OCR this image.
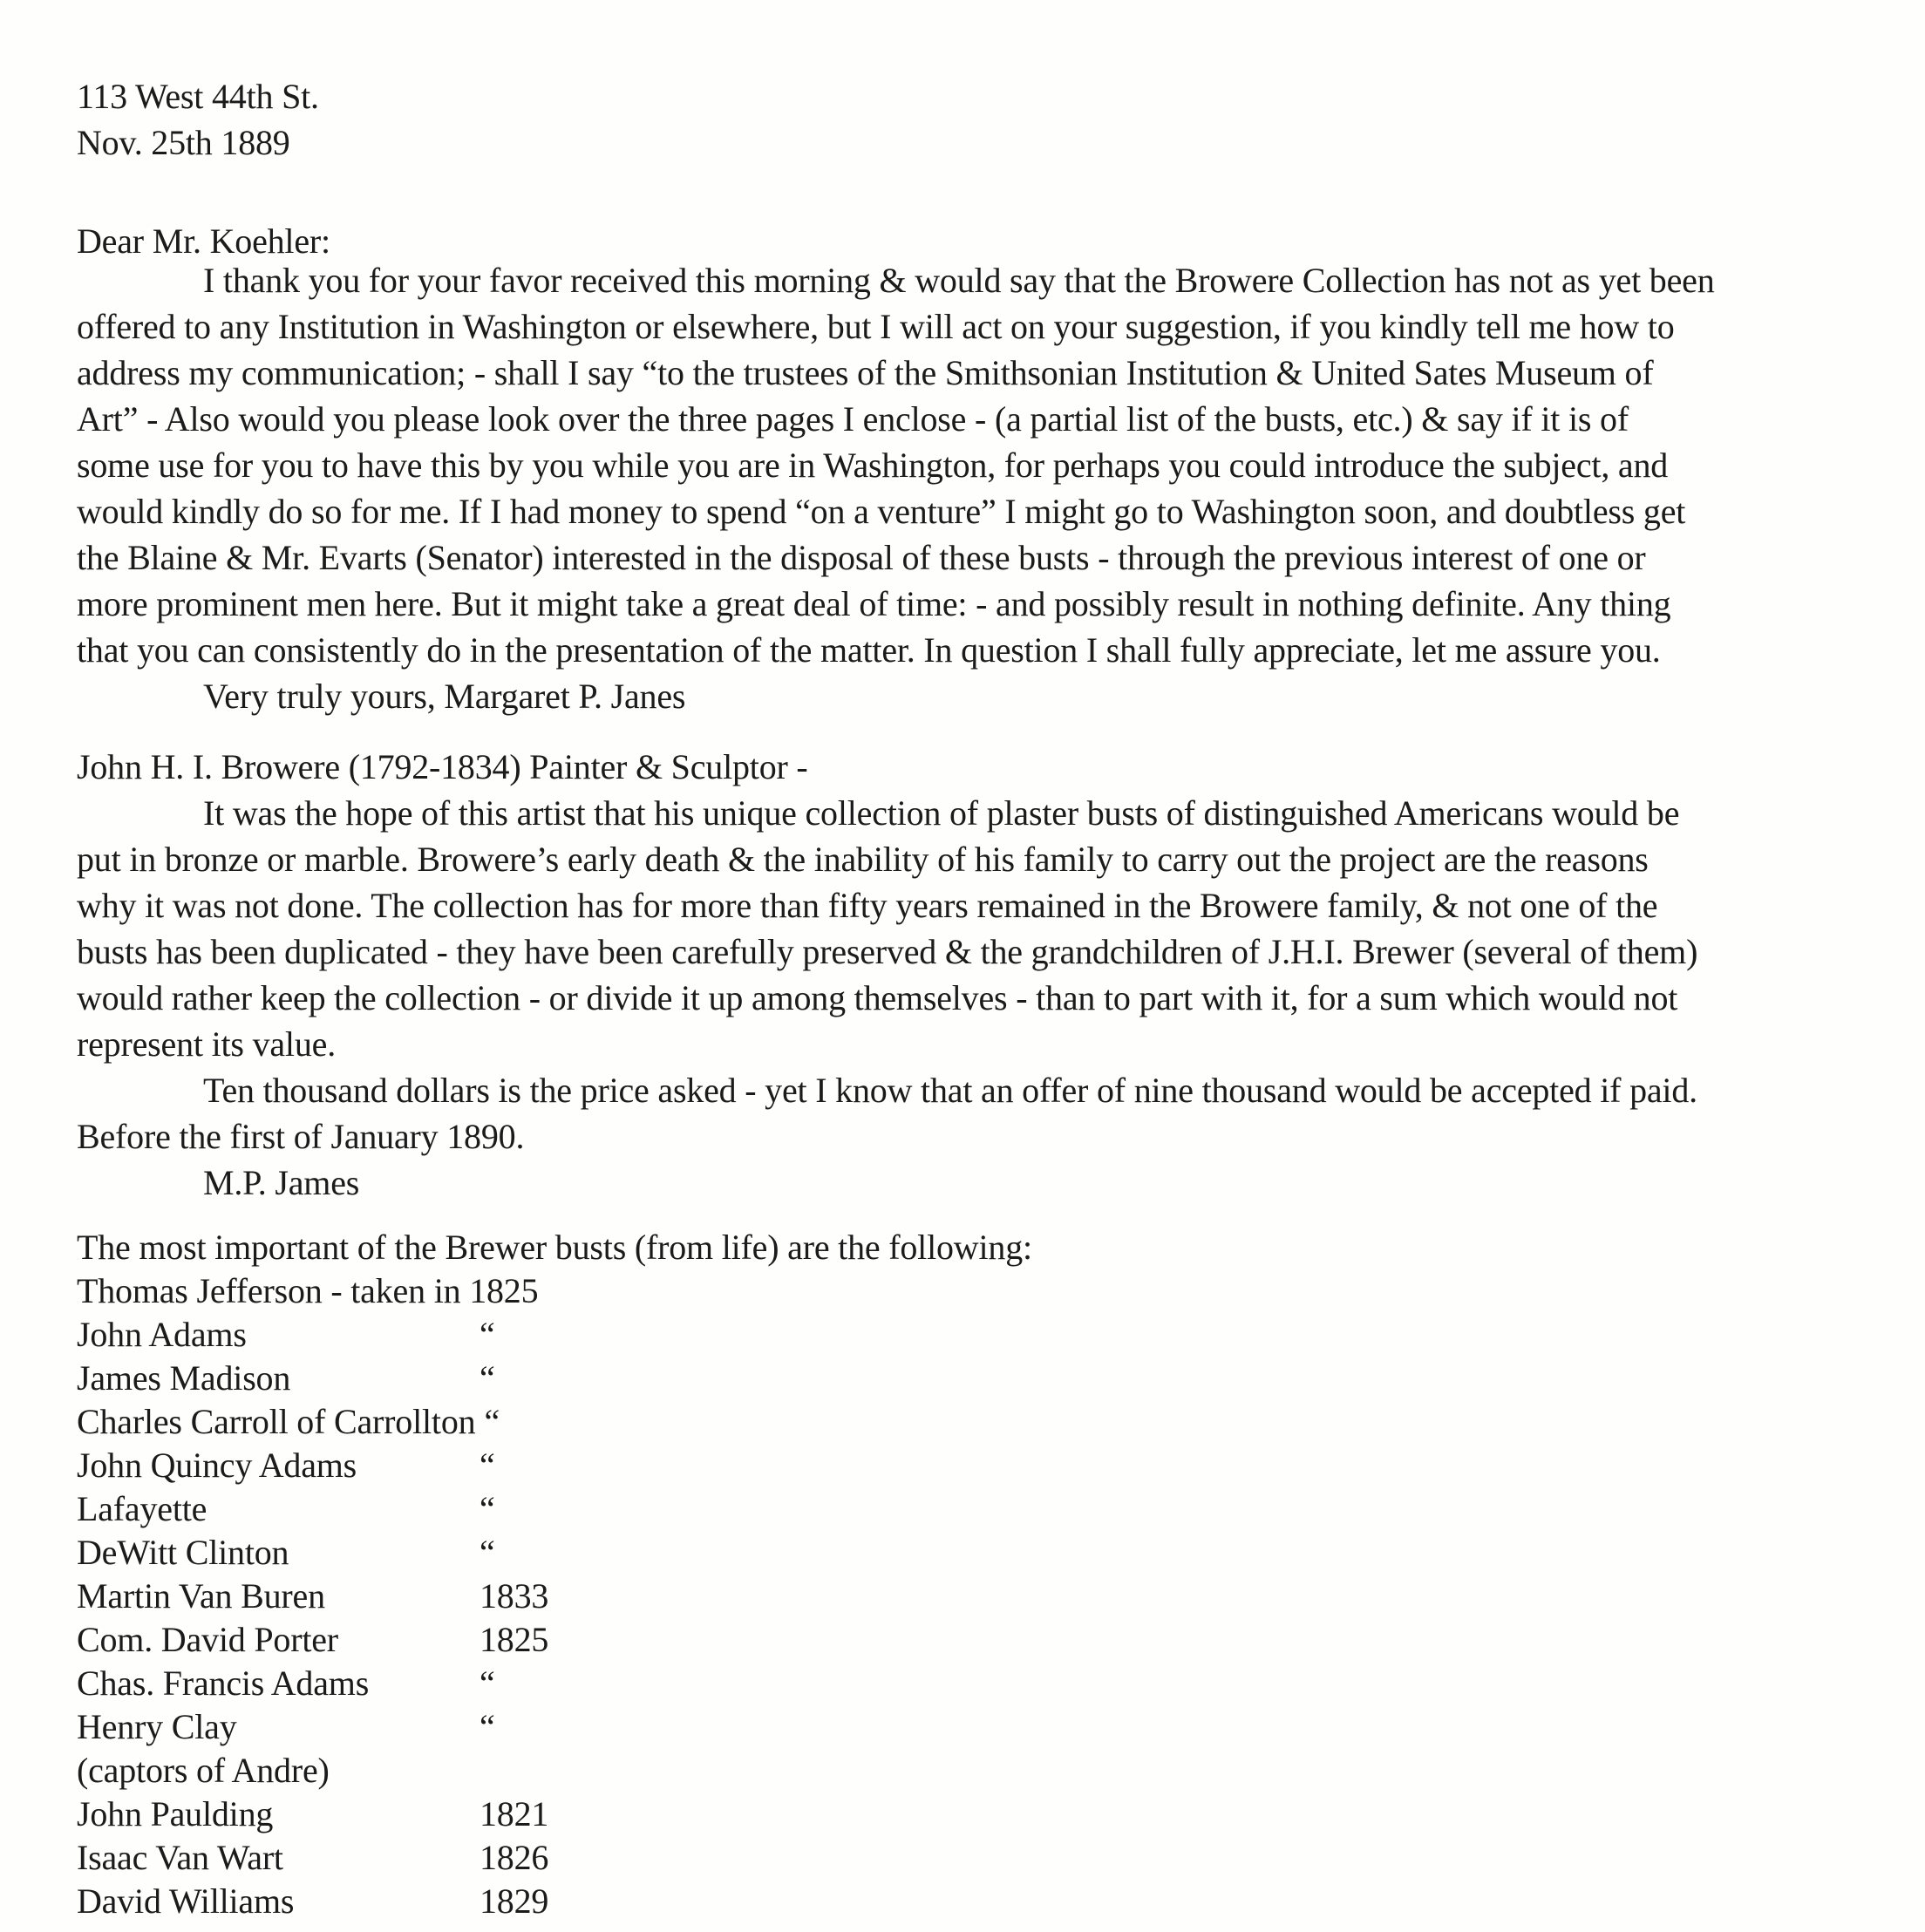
113 West 44th St.
Nov. 25th 1889
Dear Mr. Koehler:
I thank you for your favor received this morning & would say that the Browere Collection has not as yet been
offered to any Institution in Washington or elsewhere, but I will act on your suggestion, if you kindly tell me how to
address my communication; - shall I say “to the trustees of the Smithsonian Institution & United Sates Museum of
Art” - Also would you please look over the three pages I enclose - (a partial list of the busts, etc.) & say if it is of
some use for you to have this by you while you are in Washington, for perhaps you could introduce the subject, and
would kindly do so for me. If I had money to spend “on a venture” I might go to Washington soon, and doubtless get
the Blaine & Mr. Evarts (Senator) interested in the disposal of these busts - through the previous interest of one or
more prominent men here. But it might take a great deal of time: - and possibly result in nothing definite. Any thing
that you can consistently do in the presentation of the matter. In question I shall fully appreciate, let me assure you.
Very truly yours, Margaret P. Janes
John H. I. Browere (1792-1834) Painter & Sculptor -
It was the hope of this artist that his unique collection of plaster busts of distinguished Americans would be
put in bronze or marble. Browere’s early death & the inability of his family to carry out the project are the reasons
why it was not done. The collection has for more than fifty years remained in the Browere family, & not one of the
busts has been duplicated - they have been carefully preserved & the grandchildren of J.H.I. Brewer (several of them)
would rather keep the collection - or divide it up among themselves - than to part with it, for a sum which would not
represent its value.
Ten thousand dollars is the price asked - yet I know that an offer of nine thousand would be accepted if paid.
Before the first of January 1890.
M.P. James
The most important of the Brewer busts (from life) are the following:
Thomas Jefferson - taken in 1825
John Adams	“
James Madison	“
Charles Carroll of Carrollton “
John Quincy Adams	“
Lafayette	“
DeWitt Clinton	“
Martin Van Buren	1833
Com. David Porter	1825
Chas. Francis Adams	“
Henry Clay	“
(captors of Andre)
John Paulding	1821
Isaac Van Wart	1826
David Williams	1829
